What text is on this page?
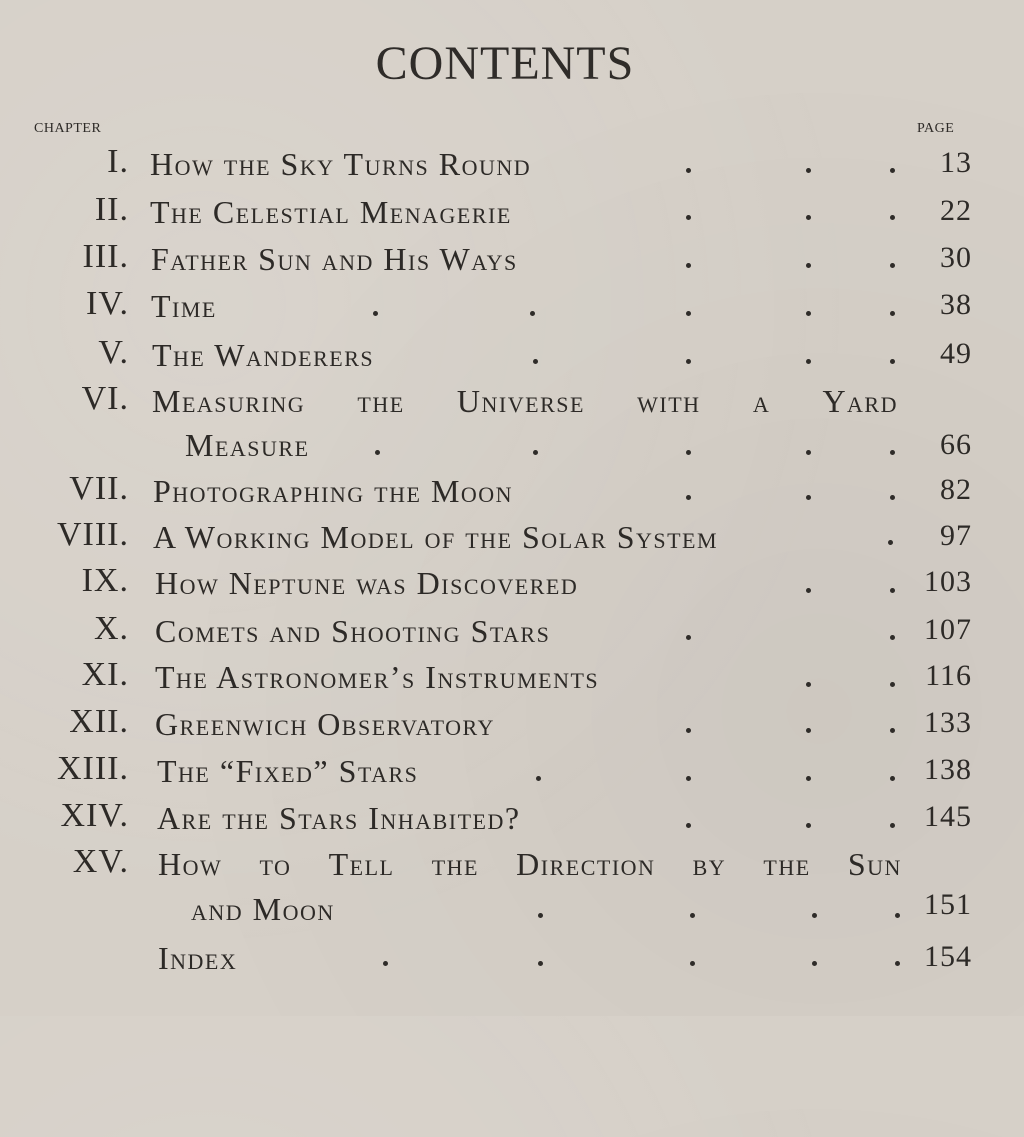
CONTENTS
CHAPTER	PAGE
I. How the Sky Turns Round	13
II. The Celestial Menagerie	22
III. Father Sun and His Ways	30
IV. Time	38
V. The Wanderers	49
VI. Measuring the Universe with a Yard
Measure	66
VII. Photographing the Moon	82
VIII. A Working Model of the Solar System	97
IX. How Neptune was Discovered	103
X. Comets and Shooting Stars	107
XI. The Astronomer’s Instruments	116
XII. Greenwich Observatory	133
XIII. The “Fixed” Stars	138
XIV. Are the Stars Inhabited?	145
XV. How to Tell the Direction by the Sun
and Moon	151
Index	154
